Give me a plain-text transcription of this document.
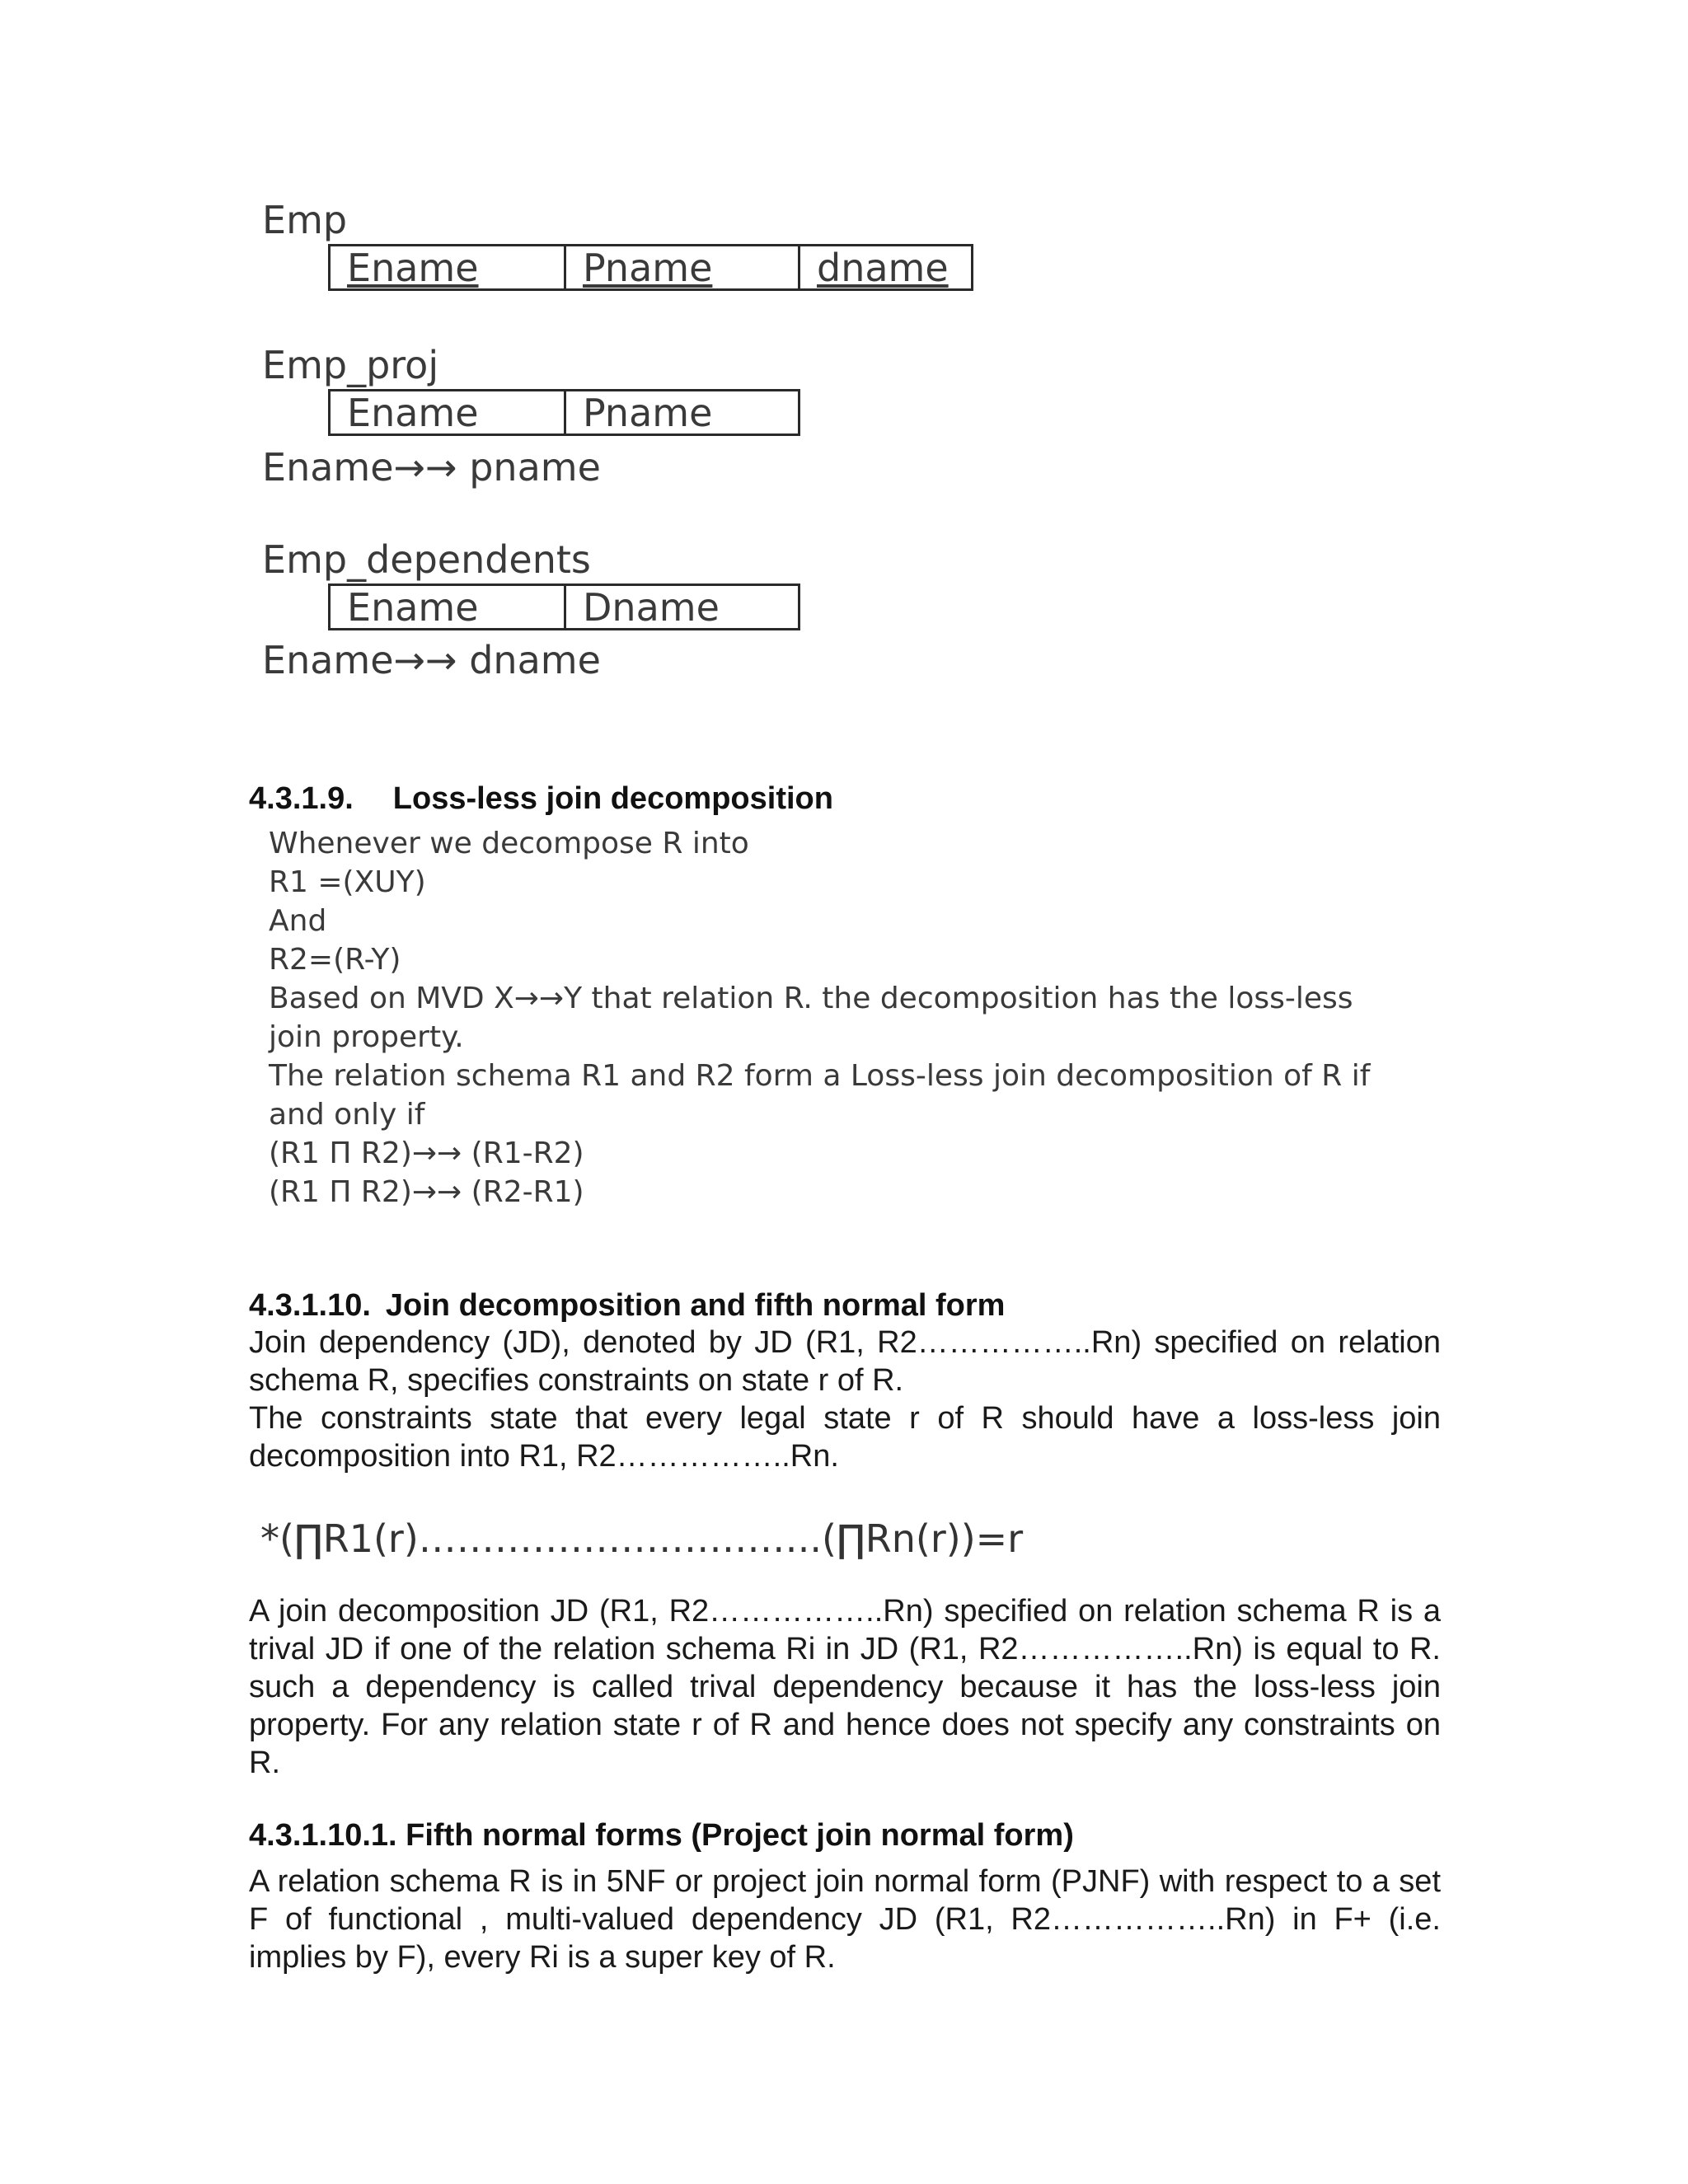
Emp
Ename	Pname	dname
Emp_proj
Ename	Pname
Ename→→ pname
Emp_dependents
Ename	Dname
Ename→→ dname
4.3.1.9. Loss-less join decomposition
Whenever we decompose R into
R1 =(XUY)
And
R2=(R-Y)
Based on MVD X→→Y that relation R. the decomposition has the loss-less
join property.
The relation schema R1 and R2 form a Loss-less join decomposition of R if
and only if
(R1 Π R2)→→ (R1-R2)
(R1 Π R2)→→ (R2-R1)
4.3.1.10. Join decomposition and fifth normal form

Join dependency (JD), denoted by JD (R1, R2……………..Rn) specified on relation schema R, specifies constraints on state r of R.

The constraints state that every legal state r of R should have a loss-less join decomposition into R1, R2……………..Rn.

*(∏R1(r)…………………………..(∏Rn(r))=r

A join decomposition JD (R1, R2……………..Rn) specified on relation schema R is a trival JD if one of the relation schema Ri in JD (R1, R2……………..Rn) is equal to R. such a dependency is called trival dependency because it has the loss-less join property. For any relation state r of R and hence does not specify any constraints on R.

4.3.1.10.1. Fifth normal forms (Project join normal form)

A relation schema R is in 5NF or project join normal form (PJNF) with respect to a set F of functional , multi-valued dependency JD (R1, R2……………..Rn) in F+ (i.e. implies by F), every Ri is a super key of R.
